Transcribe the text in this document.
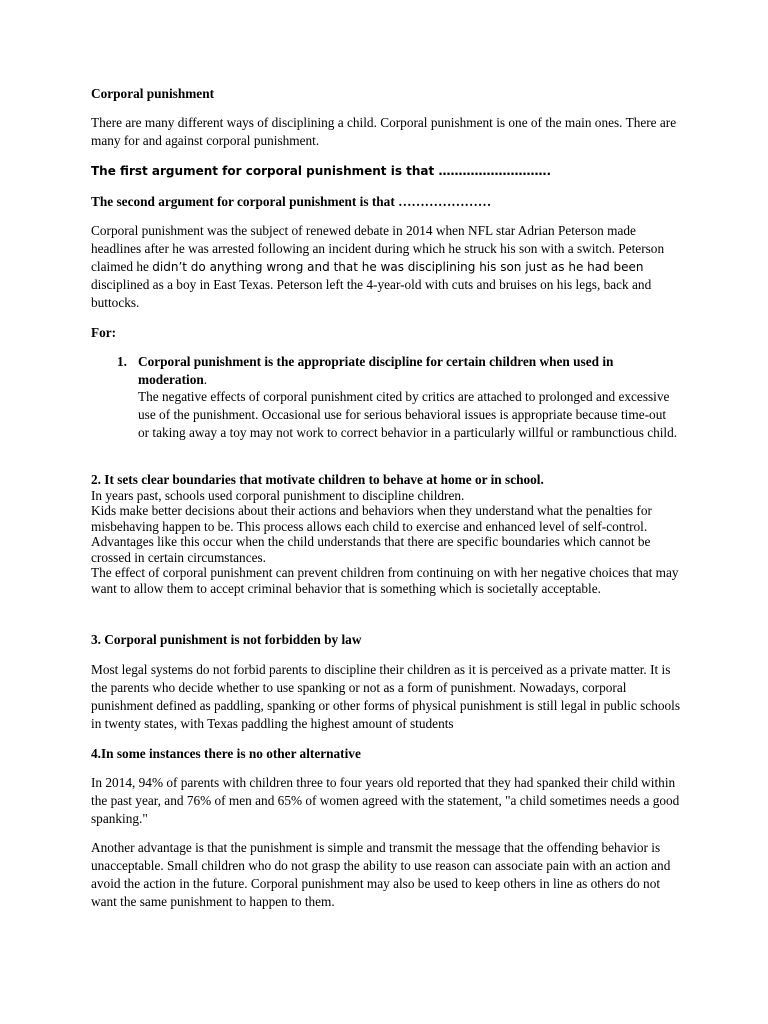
Corporal punishment

There are many different ways of disciplining a child. Corporal punishment is one of the main ones. There are many for and against corporal punishment.

The first argument for corporal punishment is that ……………………….

The second argument for corporal punishment is that …………………

Corporal punishment was the subject of renewed debate in 2014 when NFL star Adrian Peterson made headlines after he was arrested following an incident during which he struck his son with a switch. Peterson claimed he didn’t do anything wrong and that he was disciplining his son just as he had been disciplined as a boy in East Texas. Peterson left the 4-year-old with cuts and bruises on his legs, back and buttocks.

For:

1. Corporal punishment is the appropriate discipline for certain children when used in moderation.

The negative effects of corporal punishment cited by critics are attached to prolonged and excessive use of the punishment. Occasional use for serious behavioral issues is appropriate because time-out or taking away a toy may not work to correct behavior in a particularly willful or rambunctious child.

2. It sets clear boundaries that motivate children to behave at home or in school.
In years past, schools used corporal punishment to discipline children.
Kids make better decisions about their actions and behaviors when they understand what the penalties for misbehaving happen to be. This process allows each child to exercise and enhanced level of self-control. Advantages like this occur when the child understands that there are specific boundaries which cannot be crossed in certain circumstances.
The effect of corporal punishment can prevent children from continuing on with her negative choices that may want to allow them to accept criminal behavior that is something which is societally acceptable.

3. Corporal punishment is not forbidden by law

Most legal systems do not forbid parents to discipline their children as it is perceived as a private matter. It is the parents who decide whether to use spanking or not as a form of punishment. Nowadays, corporal punishment defined as paddling, spanking or other forms of physical punishment is still legal in public schools in twenty states, with Texas paddling the highest amount of students

4.In some instances there is no other alternative

In 2014, 94% of parents with children three to four years old reported that they had spanked their child within the past year, and 76% of men and 65% of women agreed with the statement, "a child sometimes needs a good spanking."

Another advantage is that the punishment is simple and transmit the message that the offending behavior is unacceptable. Small children who do not grasp the ability to use reason can associate pain with an action and avoid the action in the future. Corporal punishment may also be used to keep others in line as others do not want the same punishment to happen to them.
